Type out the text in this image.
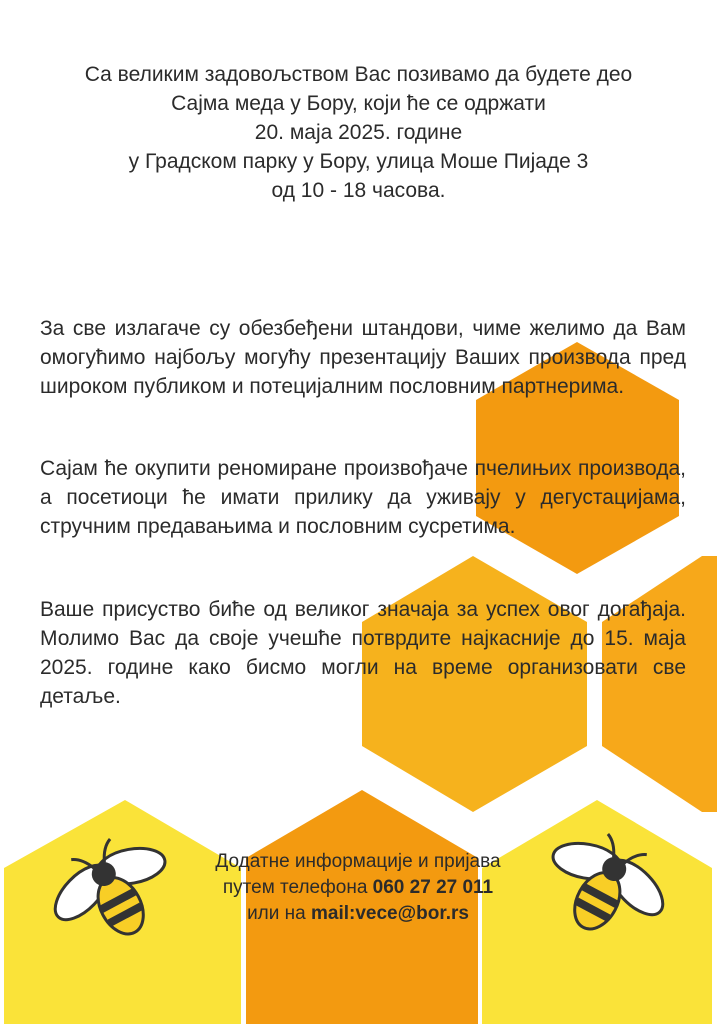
Са великим задовољством Вас позивамо да будете део

Сајма меда у Бору, који ће се одржати

20. маја 2025. године

у Градском парку у Бору, улица Моше Пијаде 3

од 10 - 18 часова.

За све излагаче су обезбеђени штандови, чиме желимо да Вам омогућимо најбољу могућу презентацију Ваших производа пред широком публиком и потецијалним пословним партнерима.
Сајам ће окупити реномиране произвођаче пчелињих производа, а посетиоци ће имати прилику да уживају у дегустацијама, стручним предавањима и пословним сусретима.
Ваше присуство биће од великог значаја за успех овог догађаја. Молимо Вас да своје учешће потврдите најкасније до 15. маја 2025. године како бисмо могли на време организовати све детаље.

Додатне информације и пријава

путем телефона 060 27 27 011

или на mail:vece@bor.rs
